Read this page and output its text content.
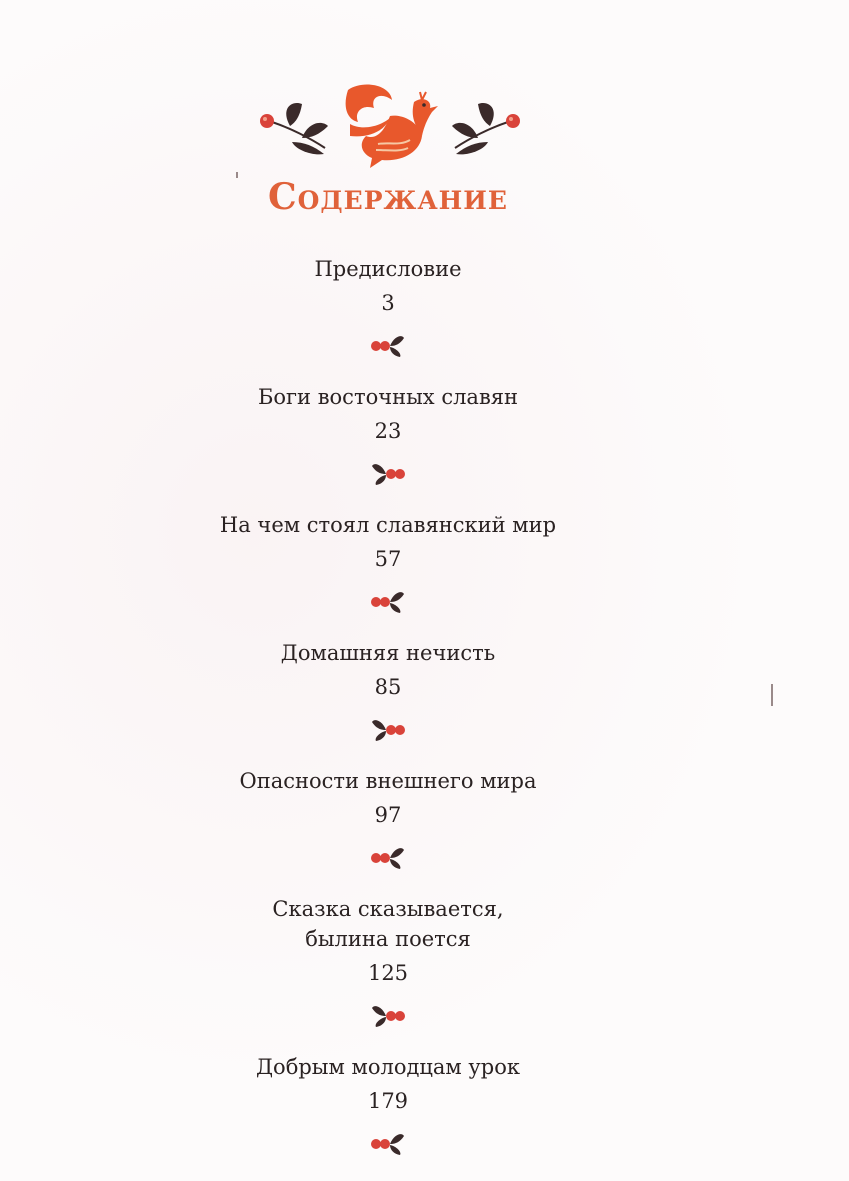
Содержание
Предисловие
3
Боги восточных славян
23
На чем стоял славянский мир
57
Домашняя нечисть
85
Опасности внешнего мира
97
Сказка сказывается,
былина поется
125
Добрым молодцам урок
179
